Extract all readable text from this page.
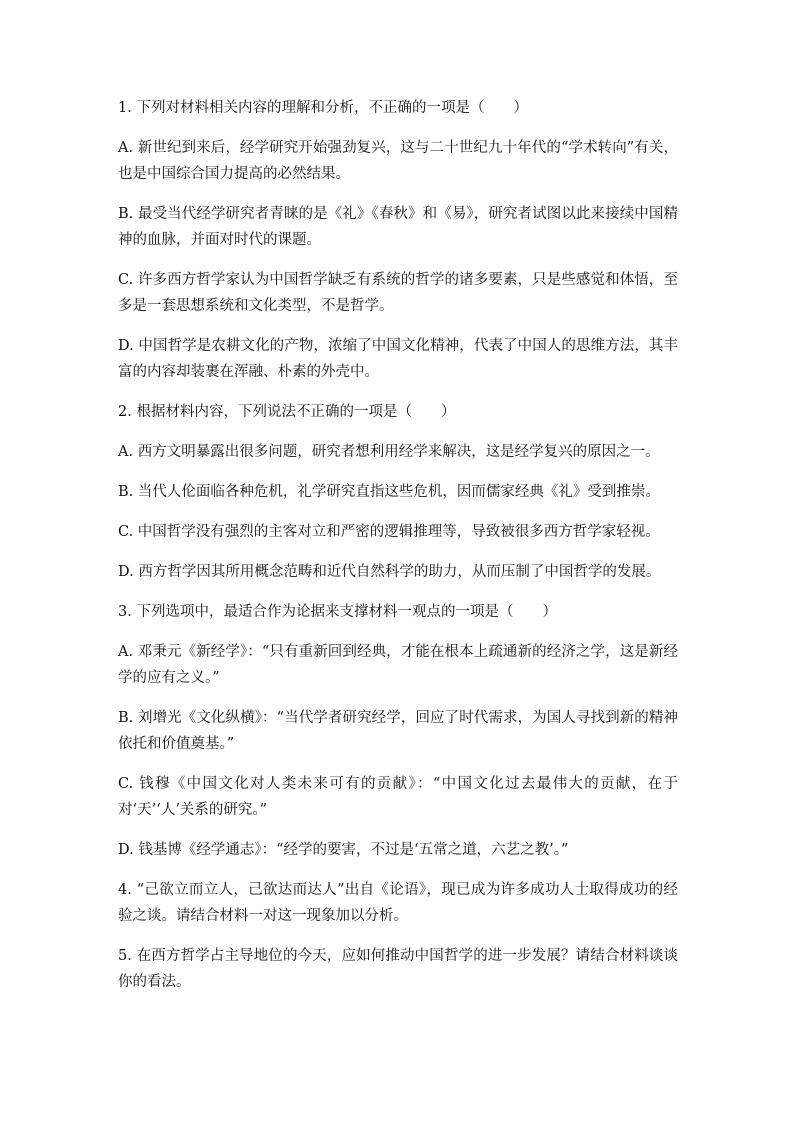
1. 下列对材料相关内容的理解和分析，不正确的一项是（　　）

A. 新世纪到来后，经学研究开始强劲复兴，这与二十世纪九十年代的“学术转向”有关，也是中国综合国力提高的必然结果。

B. 最受当代经学研究者青睐的是《礼》《春秋》和《易》，研究者试图以此来接续中国精神的血脉，并面对时代的课题。

C. 许多西方哲学家认为中国哲学缺乏有系统的哲学的诸多要素，只是些感觉和体悟，至多是一套思想系统和文化类型，不是哲学。

D. 中国哲学是农耕文化的产物，浓缩了中国文化精神，代表了中国人的思维方法，其丰富的内容却装裹在浑融、朴素的外壳中。

2. 根据材料内容，下列说法不正确的一项是（　　）

A. 西方文明暴露出很多问题，研究者想利用经学来解决，这是经学复兴的原因之一。

B. 当代人伦面临各种危机，礼学研究直指这些危机，因而儒家经典《礼》受到推崇。

C. 中国哲学没有强烈的主客对立和严密的逻辑推理等，导致被很多西方哲学家轻视。

D. 西方哲学因其所用概念范畴和近代自然科学的助力，从而压制了中国哲学的发展。

3. 下列选项中，最适合作为论据来支撑材料一观点的一项是（　　）

A. 邓秉元《新经学》：“只有重新回到经典，才能在根本上疏通新的经济之学，这是新经学的应有之义。”

B. 刘增光《文化纵横》：“当代学者研究经学，回应了时代需求，为国人寻找到新的精神依托和价值奠基。”

C. 钱穆《中国文化对人类未来可有的贡献》：“中国文化过去最伟大的贡献，在于对‘天’‘人’关系的研究。”

D. 钱基博《经学通志》：“经学的要害，不过是‘五常之道，六艺之教’。”

4. “己欲立而立人，己欲达而达人”出自《论语》，现已成为许多成功人士取得成功的经验之谈。请结合材料一对这一现象加以分析。

5. 在西方哲学占主导地位的今天，应如何推动中国哲学的进一步发展？请结合材料谈谈你的看法。
